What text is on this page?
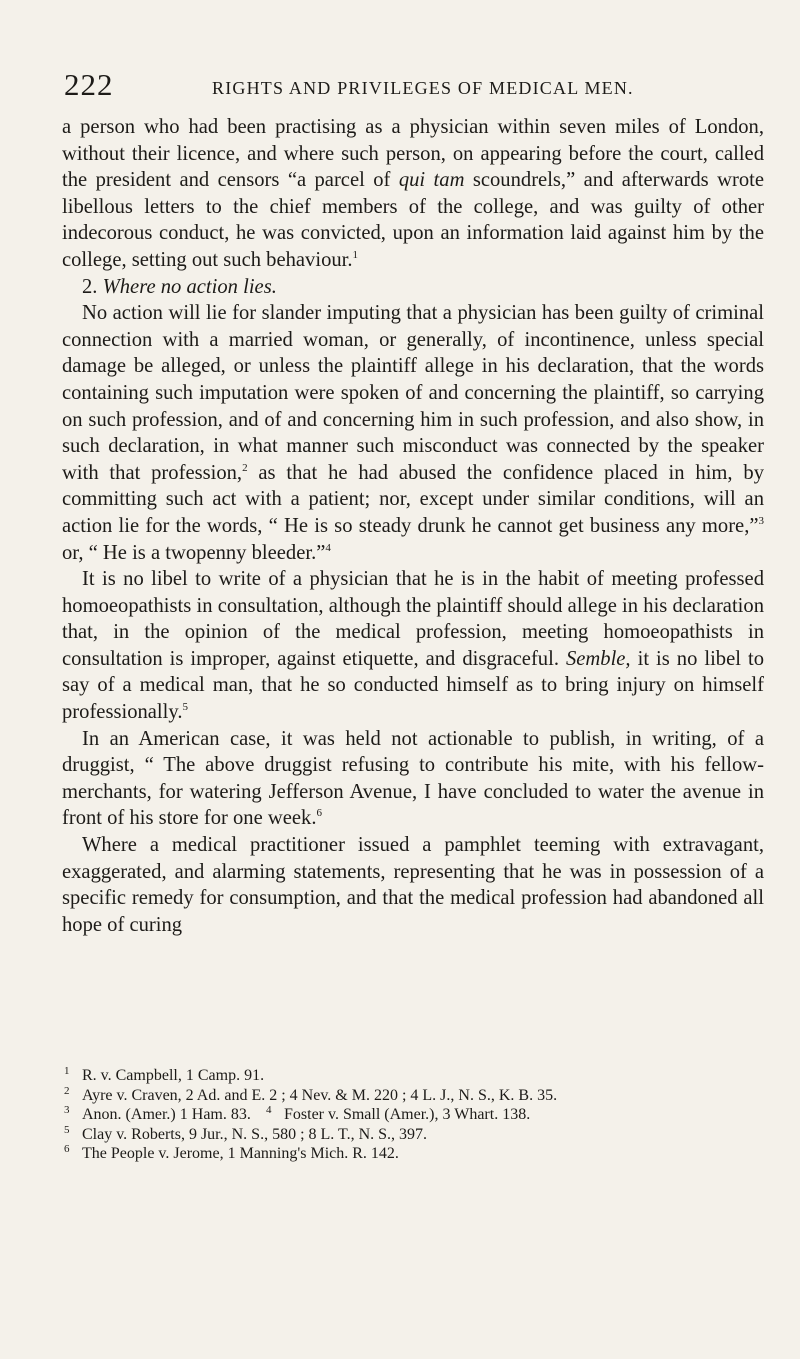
222	RIGHTS AND PRIVILEGES OF MEDICAL MEN.

a person who had been practising as a physician within seven miles of London, without their licence, and where such person, on appearing before the court, called the president and censors “a parcel of qui tam scoundrels,” and afterwards wrote libellous letters to the chief members of the college, and was guilty of other indecorous conduct, he was convicted, upon an information laid against him by the college, setting out such behaviour.$^1$

2. Where no action lies.

No action will lie for slander imputing that a physician has been guilty of criminal connection with a married woman, or generally, of incontinence, unless special damage be alleged, or unless the plaintiff allege in his declaration, that the words containing such imputation were spoken of and concerning the plaintiff, so carrying on such profession, and of and concerning him in such profession, and also show, in such declaration, in what manner such misconduct was connected by the speaker with that profession,$^2$ as that he had abused the confidence placed in him, by committing such act with a patient; nor, except under similar conditions, will an action lie for the words, “ He is so steady drunk he cannot get business any more,”$^3$ or, “ He is a twopenny bleeder.”$^4$

It is no libel to write of a physician that he is in the habit of meeting professed homoeopathists in consultation, although the plaintiff should allege in his declaration that, in the opinion of the medical profession, meeting homoeopathists in consultation is improper, against etiquette, and disgraceful. Semble, it is no libel to say of a medical man, that he so conducted himself as to bring injury on himself professionally.$^5$

In an American case, it was held not actionable to publish, in writing, of a druggist, “ The above druggist refusing to contribute his mite, with his fellow-merchants, for watering Jefferson Avenue, I have concluded to water the avenue in front of his store for one week.$^6$

Where a medical practitioner issued a pamphlet teeming with extravagant, exaggerated, and alarming statements, representing that he was in possession of a specific remedy for consumption, and that the medical profession had abandoned all hope of curing

1 R. v. Campbell, 1 Camp. 91.

2 Ayre v. Craven, 2 Ad. and E. 2 ; 4 Nev. & M. 220 ; 4 L. J., N. S., K. B. 35.

3 Anon. (Amer.) 1 Ham. 83. 4 Foster v. Small (Amer.), 3 Whart. 138.

5 Clay v. Roberts, 9 Jur., N. S., 580 ; 8 L. T., N. S., 397.

6 The People v. Jerome, 1 Manning's Mich. R. 142.
